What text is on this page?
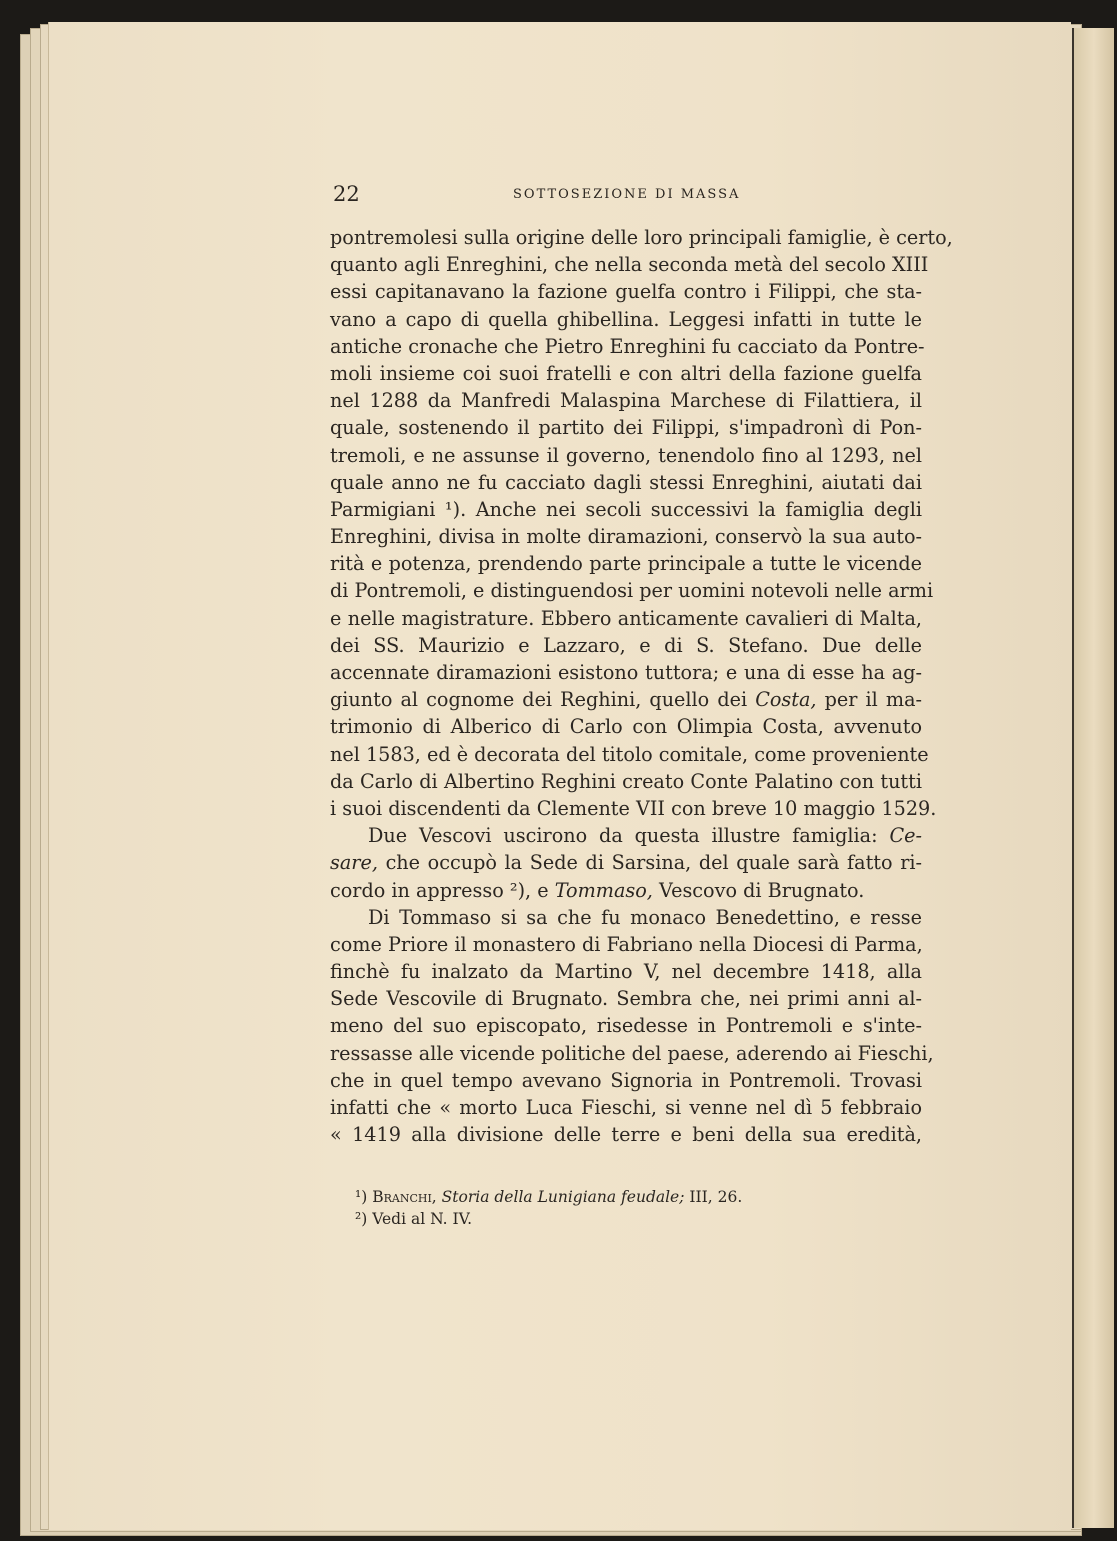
22	SOTTOSEZIONE DI MASSA
pontremolesi sulla origine delle loro principali famiglie, è certo,
quanto agli Enreghini, che nella seconda metà del secolo XIII
essi capitanavano la fazione guelfa contro i Filippi, che sta-
vano a capo di quella ghibellina. Leggesi infatti in tutte le
antiche cronache che Pietro Enreghini fu cacciato da Pontre-
moli insieme coi suoi fratelli e con altri della fazione guelfa
nel 1288 da Manfredi Malaspina Marchese di Filattiera, il
quale, sostenendo il partito dei Filippi, s'impadronì di Pon-
tremoli, e ne assunse il governo, tenendolo fino al 1293, nel
quale anno ne fu cacciato dagli stessi Enreghini, aiutati dai
Parmigiani ¹). Anche nei secoli successivi la famiglia degli
Enreghini, divisa in molte diramazioni, conservò la sua auto-
rità e potenza, prendendo parte principale a tutte le vicende
di Pontremoli, e distinguendosi per uomini notevoli nelle armi
e nelle magistrature. Ebbero anticamente cavalieri di Malta,
dei SS. Maurizio e Lazzaro, e di S. Stefano. Due delle
accennate diramazioni esistono tuttora; e una di esse ha ag-
giunto al cognome dei Reghini, quello dei Costa, per il ma-
trimonio di Alberico di Carlo con Olimpia Costa, avvenuto
nel 1583, ed è decorata del titolo comitale, come proveniente
da Carlo di Albertino Reghini creato Conte Palatino con tutti
i suoi discendenti da Clemente VII con breve 10 maggio 1529.
Due Vescovi uscirono da questa illustre famiglia: Ce-
sare, che occupò la Sede di Sarsina, del quale sarà fatto ri-
cordo in appresso ²), e Tommaso, Vescovo di Brugnato.
Di Tommaso si sa che fu monaco Benedettino, e resse
come Priore il monastero di Fabriano nella Diocesi di Parma,
finchè fu inalzato da Martino V, nel decembre 1418, alla
Sede Vescovile di Brugnato. Sembra che, nei primi anni al-
meno del suo episcopato, risedesse in Pontremoli e s'inte-
ressasse alle vicende politiche del paese, aderendo ai Fieschi,
che in quel tempo avevano Signoria in Pontremoli. Trovasi
infatti che « morto Luca Fieschi, si venne nel dì 5 febbraio
« 1419 alla divisione delle terre e beni della sua eredità,
¹) Branchi, Storia della Lunigiana feudale; III, 26.
²) Vedi al N. IV.
